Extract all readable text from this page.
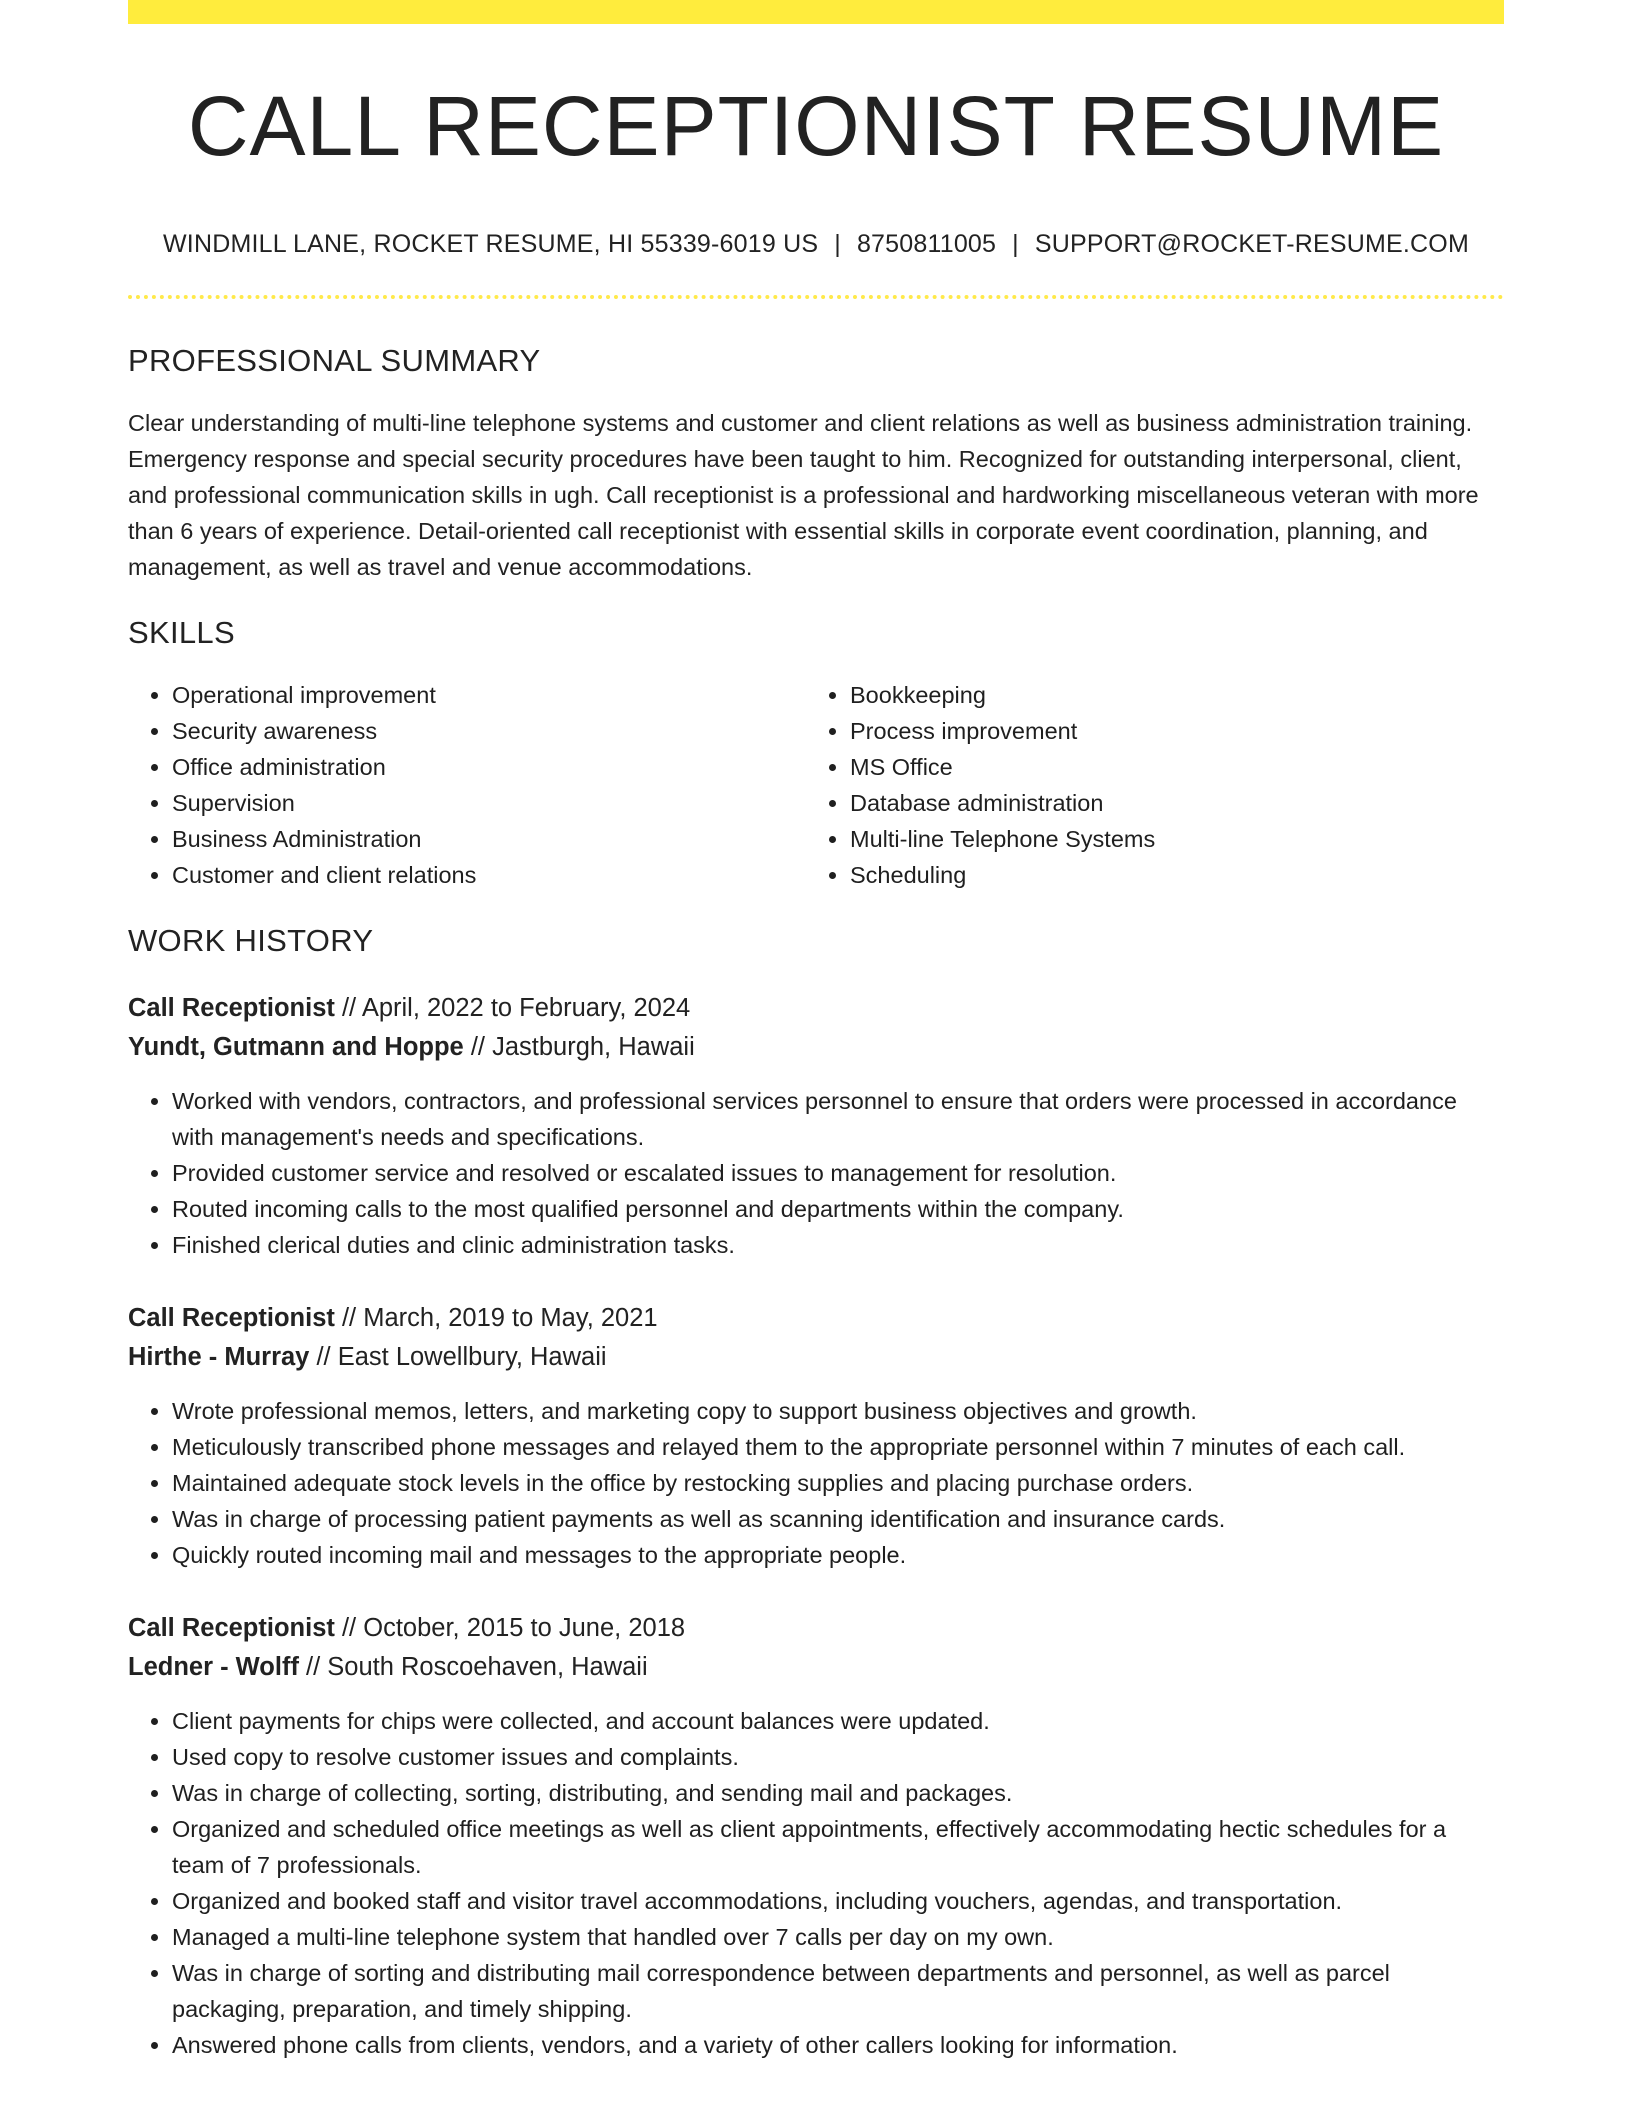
CALL RECEPTIONIST RESUME
WINDMILL LANE, ROCKET RESUME, HI 55339-6019 US | 8750811005 | SUPPORT@ROCKET-RESUME.COM
PROFESSIONAL SUMMARY

Clear understanding of multi-line telephone systems and customer and client relations as well as business administration training. Emergency response and special security procedures have been taught to him. Recognized for outstanding interpersonal, client, and professional communication skills in ugh. Call receptionist is a professional and hardworking miscellaneous veteran with more than 6 years of experience. Detail-oriented call receptionist with essential skills in corporate event coordination, planning, and management, as well as travel and venue accommodations.

SKILLS
• Operational improvement
• Security awareness
• Office administration
• Supervision
• Business Administration
• Customer and client relations
• Bookkeeping
• Process improvement
• MS Office
• Database administration
• Multi-line Telephone Systems
• Scheduling
WORK HISTORY
Call Receptionist // April, 2022 to February, 2024
Yundt, Gutmann and Hoppe // Jastburgh, Hawaii
• Worked with vendors, contractors, and professional services personnel to ensure that orders were processed in accordance with management's needs and specifications.
• Provided customer service and resolved or escalated issues to management for resolution.
• Routed incoming calls to the most qualified personnel and departments within the company.
• Finished clerical duties and clinic administration tasks.
Call Receptionist // March, 2019 to May, 2021
Hirthe - Murray // East Lowellbury, Hawaii
• Wrote professional memos, letters, and marketing copy to support business objectives and growth.
• Meticulously transcribed phone messages and relayed them to the appropriate personnel within 7 minutes of each call.
• Maintained adequate stock levels in the office by restocking supplies and placing purchase orders.
• Was in charge of processing patient payments as well as scanning identification and insurance cards.
• Quickly routed incoming mail and messages to the appropriate people.
Call Receptionist // October, 2015 to June, 2018
Ledner - Wolff // South Roscoehaven, Hawaii
• Client payments for chips were collected, and account balances were updated.
• Used copy to resolve customer issues and complaints.
• Was in charge of collecting, sorting, distributing, and sending mail and packages.
• Organized and scheduled office meetings as well as client appointments, effectively accommodating hectic schedules for a team of 7 professionals.
• Organized and booked staff and visitor travel accommodations, including vouchers, agendas, and transportation.
• Managed a multi-line telephone system that handled over 7 calls per day on my own.
• Was in charge of sorting and distributing mail correspondence between departments and personnel, as well as parcel packaging, preparation, and timely shipping.
• Answered phone calls from clients, vendors, and a variety of other callers looking for information.
